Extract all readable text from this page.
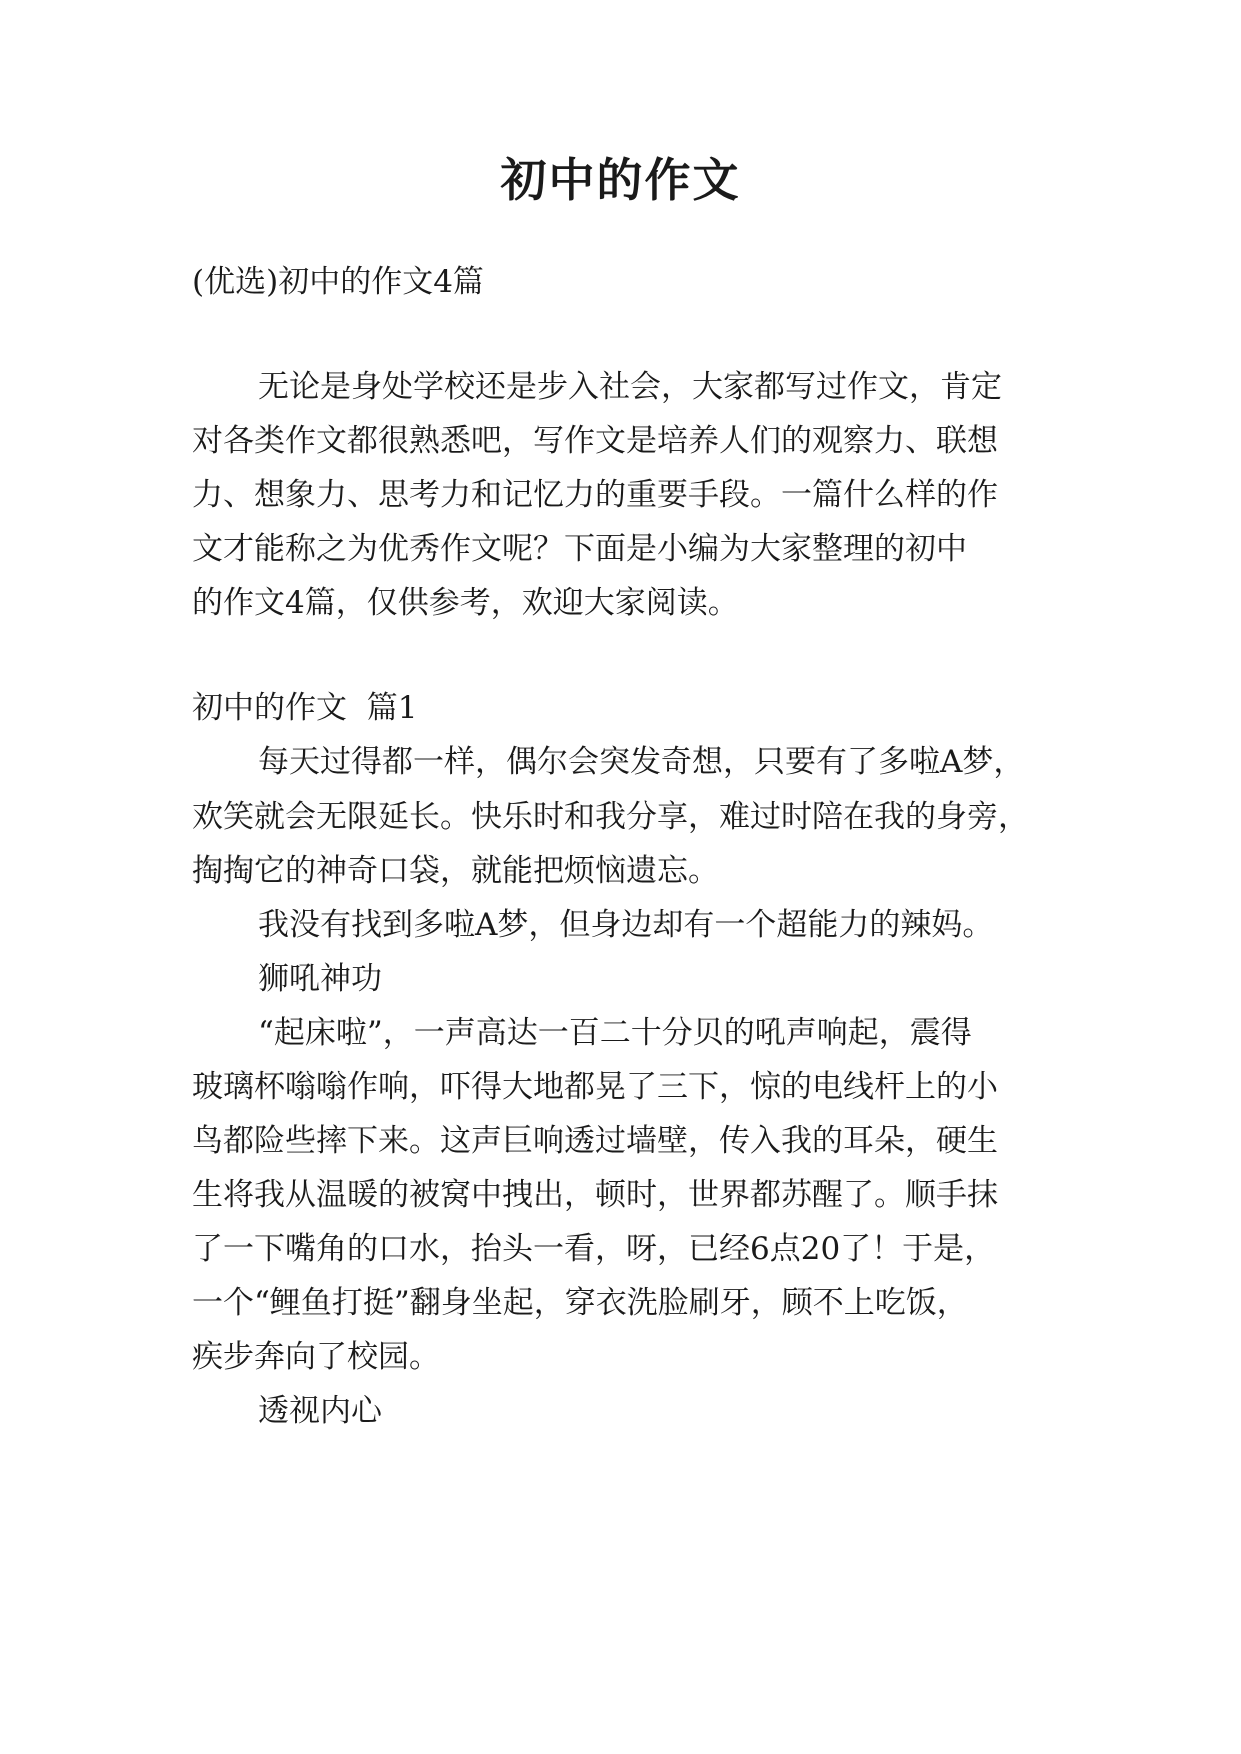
初中的作文
(优选)初中的作文4篇
无论是身处学校还是步入社会，大家都写过作文，肯定
对各类作文都很熟悉吧，写作文是培养人们的观察力、联想
力、想象力、思考力和记忆力的重要手段。一篇什么样的作
文才能称之为优秀作文呢？下面是小编为大家整理的初中
的作文4篇，仅供参考，欢迎大家阅读。
初中的作文  篇1
每天过得都一样，偶尔会突发奇想，只要有了多啦A梦，
欢笑就会无限延长。快乐时和我分享，难过时陪在我的身旁，
掏掏它的神奇口袋，就能把烦恼遗忘。
我没有找到多啦A梦，但身边却有一个超能力的辣妈。
狮吼神功
“起床啦”，一声高达一百二十分贝的吼声响起，震得
玻璃杯嗡嗡作响，吓得大地都晃了三下，惊的电线杆上的小
鸟都险些摔下来。这声巨响透过墙壁，传入我的耳朵，硬生
生将我从温暖的被窝中拽出，顿时，世界都苏醒了。顺手抹
了一下嘴角的口水，抬头一看，呀，已经6点20了！于是，
一个“鲤鱼打挺”翻身坐起，穿衣洗脸刷牙，顾不上吃饭，
疾步奔向了校园。
透视内心
